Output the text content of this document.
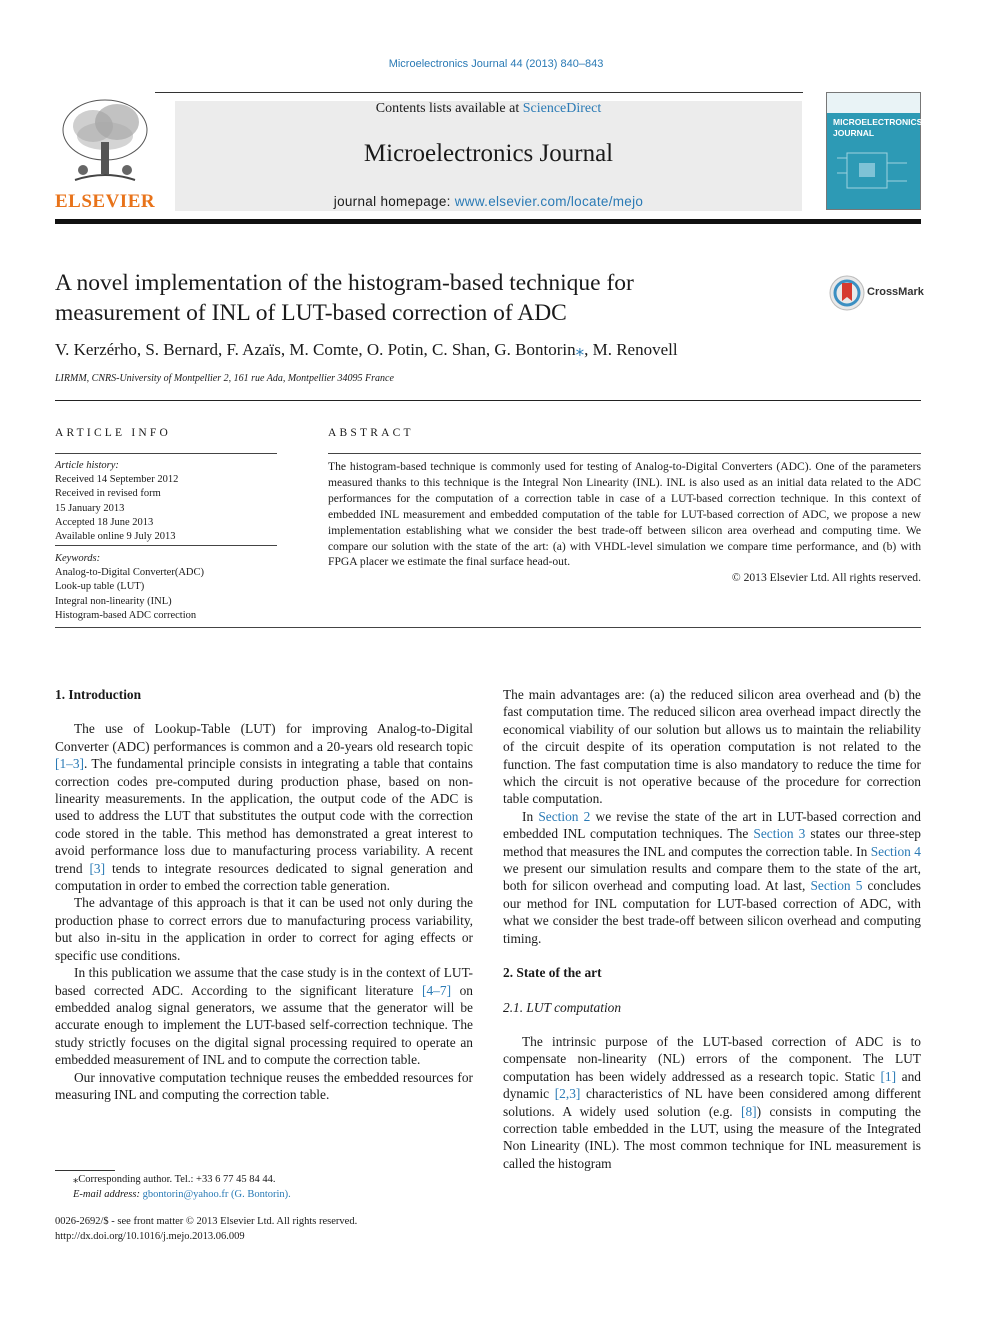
Microelectronics Journal 44 (2013) 840–843
ELSEVIER
Contents lists available at ScienceDirect
Microelectronics Journal
journal homepage: www.elsevier.com/locate/mejo
MICROELECTRONICS JOURNAL
A novel implementation of the histogram-based technique for
measurement of INL of LUT-based correction of ADC
CrossMark
V. Kerzérho, S. Bernard, F. Azaïs, M. Comte, O. Potin, C. Shan, G. Bontorin⁎, M. Renovell
LIRMM, CNRS-University of Montpellier 2, 161 rue Ada, Montpellier 34095 France
ARTICLE INFO	ABSTRACT
Article history:
Received 14 September 2012
Received in revised form
15 January 2013
Accepted 18 June 2013
Available online 9 July 2013
Keywords:
Analog-to-Digital Converter(ADC)
Look-up table (LUT)
Integral non-linearity (INL)
Histogram-based ADC correction
The histogram-based technique is commonly used for testing of Analog-to-Digital Converters (ADC). One of the parameters measured thanks to this technique is the Integral Non Linearity (INL). INL is also used as an initial data related to the ADC performances for the computation of a correction table in case of a LUT-based correction technique. In this context of embedded INL measurement and embedded computation of the table for LUT-based correction of ADC, we propose a new implementation establishing what we consider the best trade-off between silicon area overhead and computing time. We compare our solution with the state of the art: (a) with VHDL-level simulation we compare time performance, and (b) with FPGA placer we estimate the final surface head-out.
© 2013 Elsevier Ltd. All rights reserved.
1. Introduction

The use of Lookup-Table (LUT) for improving Analog-to-Digital Converter (ADC) performances is common and a 20-years old research topic [1–3]. The fundamental principle consists in integrating a table that contains correction codes pre-computed during production phase, based on non-linearity measurements. In the application, the output code of the ADC is used to address the LUT that substitutes the output code with the correction code stored in the table. This method has demonstrated a great interest to avoid performance loss due to manufacturing process variability. A recent trend [3] tends to integrate resources dedicated to signal generation and computation in order to embed the correction table generation.

The advantage of this approach is that it can be used not only during the production phase to correct errors due to manufacturing process variability, but also in-situ in the application in order to correct for aging effects or specific use conditions.

In this publication we assume that the case study is in the context of LUT-based corrected ADC. According to the significant literature [4–7] on embedded analog signal generators, we assume that the generator will be accurate enough to implement the LUT-based self-correction technique. The study strictly focuses on the digital signal processing required to operate an embedded measurement of INL and to compute the correction table.

Our innovative computation technique reuses the embedded resources for measuring INL and computing the correction table.

The main advantages are: (a) the reduced silicon area overhead and (b) the fast computation time. The reduced silicon area overhead impact directly the economical viability of our solution but allows us to maintain the reliability of the circuit despite of its operation computation is not related to the function. The fast computation time is also mandatory to reduce the time for which the circuit is not operative because of the procedure for correction table computation.

In Section 2 we revise the state of the art in LUT-based correction and embedded INL computation techniques. The Section 3 states our three-step method that measures the INL and computes the correction table. In Section 4 we present our simulation results and compare them to the state of the art, both for silicon overhead and computing load. At last, Section 5 concludes our method for INL computation for LUT-based correction of ADC, with what we consider the best trade-off between silicon overhead and computing timing.

2. State of the art
2.1. LUT computation

The intrinsic purpose of the LUT-based correction of ADC is to compensate non-linearity (NL) errors of the component. The LUT computation has been widely addressed as a research topic. Static [1] and dynamic [2,3] characteristics of NL have been considered among different solutions. A widely used solution (e.g. [8]) consists in computing the correction table embedded in the LUT, using the measure of the Integrated Non Linearity (INL). The most common technique for INL measurement is called the histogram

⁎Corresponding author. Tel.: +33 6 77 45 84 44.
E-mail address: gbontorin@yahoo.fr (G. Bontorin).
0026-2692/$ - see front matter © 2013 Elsevier Ltd. All rights reserved.
http://dx.doi.org/10.1016/j.mejo.2013.06.009
